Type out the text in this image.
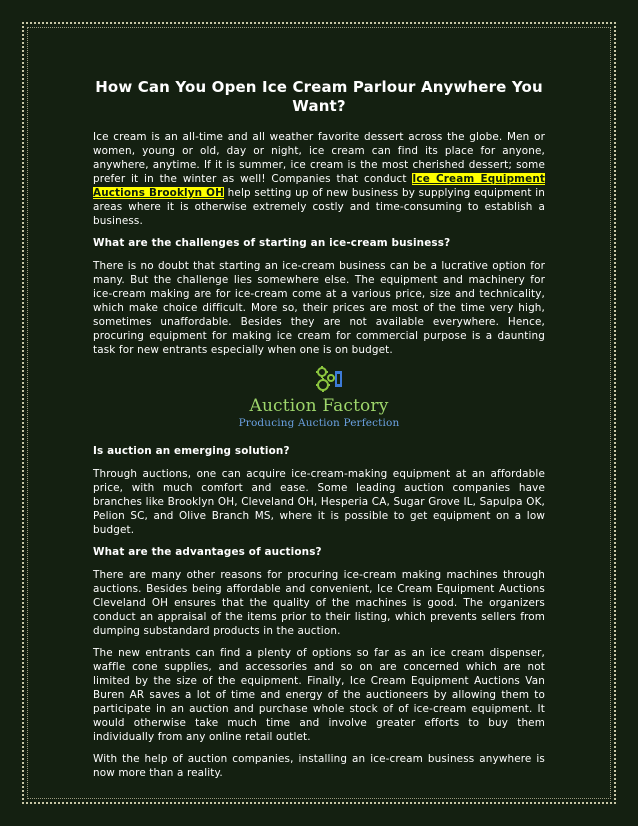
How Can You Open Ice Cream Parlour Anywhere You Want?

Ice cream is an all-time and all weather favorite dessert across the globe. Men or women, young or old, day or night, ice cream can find its place for anyone, anywhere, anytime. If it is summer, ice cream is the most cherished dessert; some prefer it in the winter as well! Companies that conduct Ice Cream Equipment Auctions Brooklyn OH help setting up of new business by supplying equipment in areas where it is otherwise extremely costly and time-consuming to establish a business.

What are the challenges of starting an ice-cream business?

There is no doubt that starting an ice-cream business can be a lucrative option for many. But the challenge lies somewhere else. The equipment and machinery for ice-cream making are for ice-cream come at a various price, size and technicality, which make choice difficult. More so, their prices are most of the time very high, sometimes unaffordable. Besides they are not available everywhere. Hence, procuring equipment for making ice cream for commercial purpose is a daunting task for new entrants especially when one is on budget.

Auction Factory
Producing Auction Perfection
Is auction an emerging solution?

Through auctions, one can acquire ice-cream-making equipment at an affordable price, with much comfort and ease. Some leading auction companies have branches like Brooklyn OH, Cleveland OH, Hesperia CA, Sugar Grove IL, Sapulpa OK, Pelion SC, and Olive Branch MS, where it is possible to get equipment on a low budget.

What are the advantages of auctions?

There are many other reasons for procuring ice-cream making machines through auctions. Besides being affordable and convenient, Ice Cream Equipment Auctions Cleveland OH ensures that the quality of the machines is good. The organizers conduct an appraisal of the items prior to their listing, which prevents sellers from dumping substandard products in the auction.

The new entrants can find a plenty of options so far as an ice cream dispenser, waffle cone supplies, and accessories and so on are concerned which are not limited by the size of the equipment. Finally, Ice Cream Equipment Auctions Van Buren AR saves a lot of time and energy of the auctioneers by allowing them to participate in an auction and purchase whole stock of of ice-cream equipment. It would otherwise take much time and involve greater efforts to buy them individually from any online retail outlet.

With the help of auction companies, installing an ice-cream business anywhere is now more than a reality.
